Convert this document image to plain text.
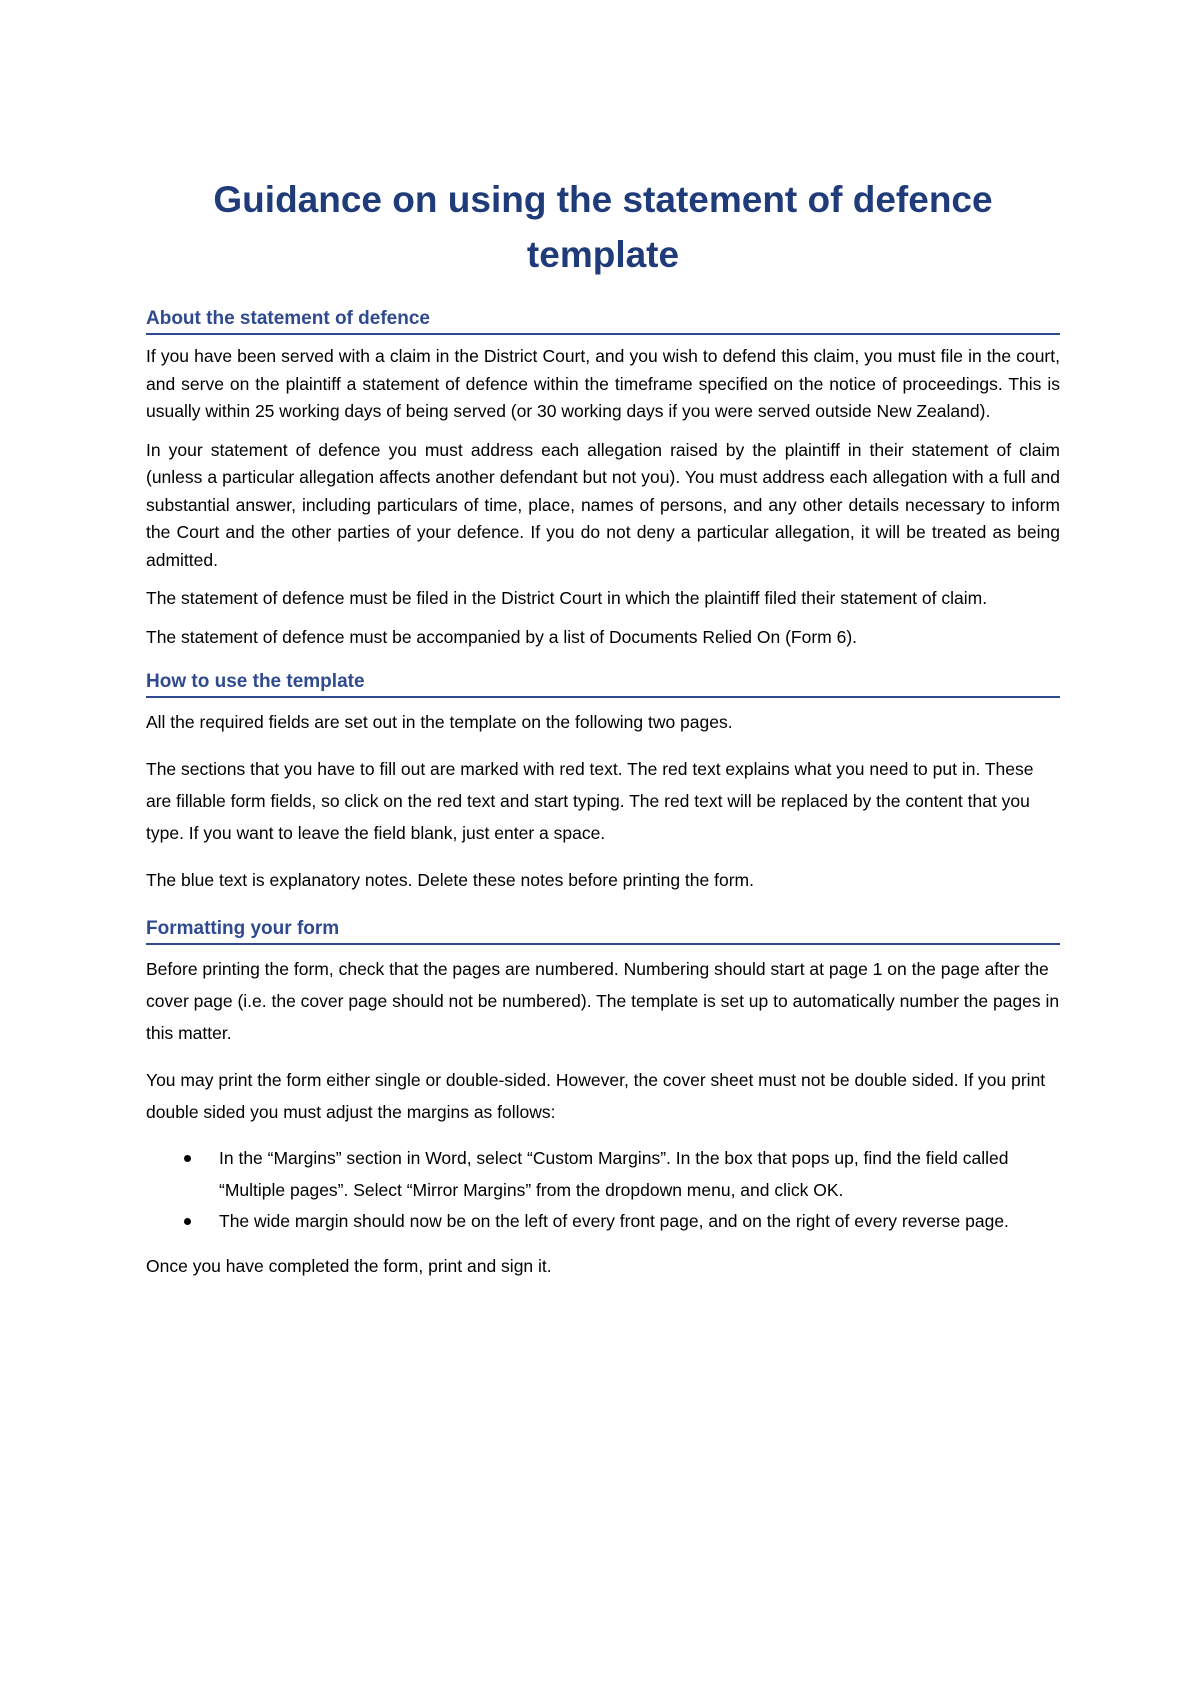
Guidance on using the statement of defence template
About the statement of defence

If you have been served with a claim in the District Court, and you wish to defend this claim, you must file in the court, and serve on the plaintiff a statement of defence within the timeframe specified on the notice of proceedings. This is usually within 25 working days of being served (or 30 working days if you were served outside New Zealand).

In your statement of defence you must address each allegation raised by the plaintiff in their statement of claim (unless a particular allegation affects another defendant but not you). You must address each allegation with a full and substantial answer, including particulars of time, place, names of persons, and any other details necessary to inform the Court and the other parties of your defence. If you do not deny a particular allegation, it will be treated as being admitted.

The statement of defence must be filed in the District Court in which the plaintiff filed their statement of claim.

The statement of defence must be accompanied by a list of Documents Relied On (Form 6).

How to use the template

All the required fields are set out in the template on the following two pages.

The sections that you have to fill out are marked with red text. The red text explains what you need to put in. These are fillable form fields, so click on the red text and start typing. The red text will be replaced by the content that you type. If you want to leave the field blank, just enter a space.

The blue text is explanatory notes. Delete these notes before printing the form.

Formatting your form

Before printing the form, check that the pages are numbered. Numbering should start at page 1 on the page after the cover page (i.e. the cover page should not be numbered). The template is set up to automatically number the pages in this matter.

You may print the form either single or double-sided. However, the cover sheet must not be double sided. If you print double sided you must adjust the margins as follows:

In the “Margins” section in Word, select “Custom Margins”. In the box that pops up, find the field called “Multiple pages”. Select “Mirror Margins” from the dropdown menu, and click OK.
The wide margin should now be on the left of every front page, and on the right of every reverse page.

Once you have completed the form, print and sign it.
